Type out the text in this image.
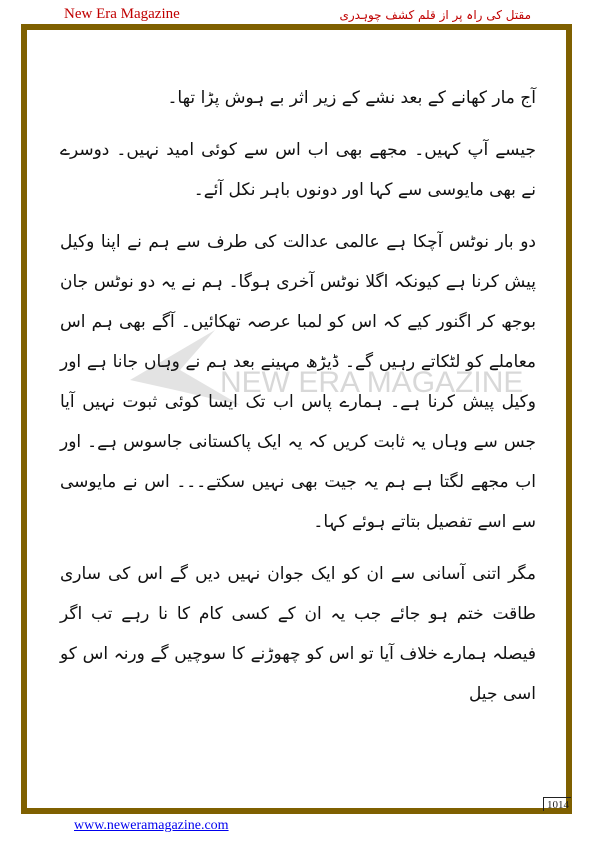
New Era Magazine	مقتل کی راہ پر از قلم کشف چوہدری
NEW ERA MAGAZINE

آج مار کھانے کے بعد نشے کے زیر اثر بے ہوش پڑا تھا۔

جیسے آپ کہیں۔ مجھے بھی اب اس سے کوئی امید نہیں۔ دوسرے نے بھی مایوسی سے کہا اور دونوں باہر نکل آئے۔

دو بار نوٹس آچکا ہے عالمی عدالت کی طرف سے ہم نے اپنا وکیل پیش کرنا ہے کیونکہ اگلا نوٹس آخری ہوگا۔ ہم نے یہ دو نوٹس جان بوجھ کر اگنور کیے کہ اس کو لمبا عرصہ تھکائیں۔ آگے بھی ہم اس معاملے کو لٹکاتے رہیں گے۔ ڈیڑھ مہینے بعد ہم نے وہاں جانا ہے اور وکیل پیش کرنا ہے۔ ہمارے پاس اب تک ایسا کوئی ثبوت نہیں آیا جس سے وہاں یہ ثابت کریں کہ یہ ایک پاکستانی جاسوس ہے۔ اور اب مجھے لگتا ہے ہم یہ جیت بھی نہیں سکتے۔۔۔ اس نے مایوسی سے اسے تفصیل بتاتے ہوئے کہا۔

مگر اتنی آسانی سے ان کو ایک جوان نہیں دیں گے اس کی ساری طاقت ختم ہو جائے جب یہ ان کے کسی کام کا نا رہے تب اگر فیصلہ ہمارے خلاف آیا تو اس کو چھوڑنے کا سوچیں گے ورنہ اس کو اسی جیل

1014
www.neweramagazine.com
